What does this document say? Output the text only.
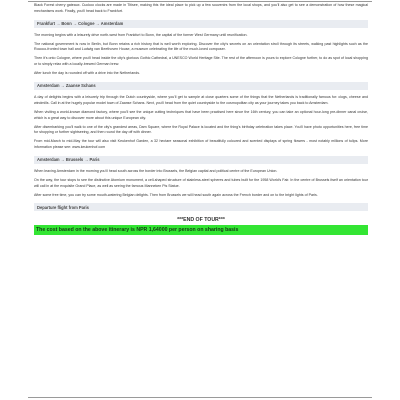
Black Forest cherry gateaux. Cuckoo clocks are made in Titisee, making this the ideal place to pick up a few souvenirs from the local shops, and you'll also get to see a demonstration of how these magical mechanisms work. Finally, you'll head back to Frankfurt.

Frankfurt → Bonn → Cologne → Amsterdam

The morning begins with a leisurely drive north-west from Frankfurt to Bonn, the capital of the former West Germany until reunification.

The national government is now in Berlin, but Bonn retains a rich history that is well worth exploring. Discover the city's secrets on an orientation stroll through its streets, walking past highlights such as the Rococo-fronted town hall and Ludwig van Beethoven House, a museum celebrating the life of the much-loved composer.

Then it's onto Cologne, where you'll head inside the city's glorious Gothic Cathedral, a UNESCO World Heritage Site. The rest of the afternoon is yours to explore Cologne further, to do as spot of local shopping or to simply relax with a locally-brewed German brew.

After lunch the day is rounded off with a drive into the Netherlands.

Amsterdam → Zaanse Schans

A day of delights begins with a leisurely trip through the Dutch countryside, where you'll get to sample at close quarters some of the things that the Netherlands is traditionally famous for: clogs, cheese and windmills. Call in at the hugely popular model town of Zaanse Schans. Next, you'll head from the quiet countryside to the cosmopolitan city as your journey takes you back to Amsterdam.

When visiting a world-known diamond factory, where you'll see the unique cutting techniques that have been practised here since the 16th century, you can take an optional hour-long pre-dinner canal cruise, which is a great way to discover more about this unique European city.

After disembarking you'll walk to one of the city's grandest areas, Dam Square, where the Royal Palace is located and the thing's birthday celebration takes place. You'll have photo opportunities here, free time for shopping or further sightseeing, and then round the day off with dinner.

From mid-March to mid-May the tour will also visit Keukenhof Garden, a 32 hectare seasonal exhibition of beautifully coloured and scented displays of spring flowers - most notably millions of tulips. More information please see: www.keukenhof.com

Amsterdam → Brussels → Paris

When leaving Amsterdam in the morning you'll head south across the border into Brussels, the Belgian capital and political centre of the European Union.

On the way, the tour stops to see the distinctive Atomium monument, a cell-shaped structure of stainless-steel spheres and tubes built for the 1958 World's Fair. In the centre of Brussels itself an orientation tour will call in at the exquisite Grand Place, as well as seeing the famous Manneken Pis Statue.

After some free time, you can try some mouth-watering Belgian delights. Then from Brussels we will head south again across the French border and on to the bright lights of Paris.

Departure flight from Paris
***END OF TOUR***
The cost based on the above itinerary is NPR 1,64000 per person on sharing basis
